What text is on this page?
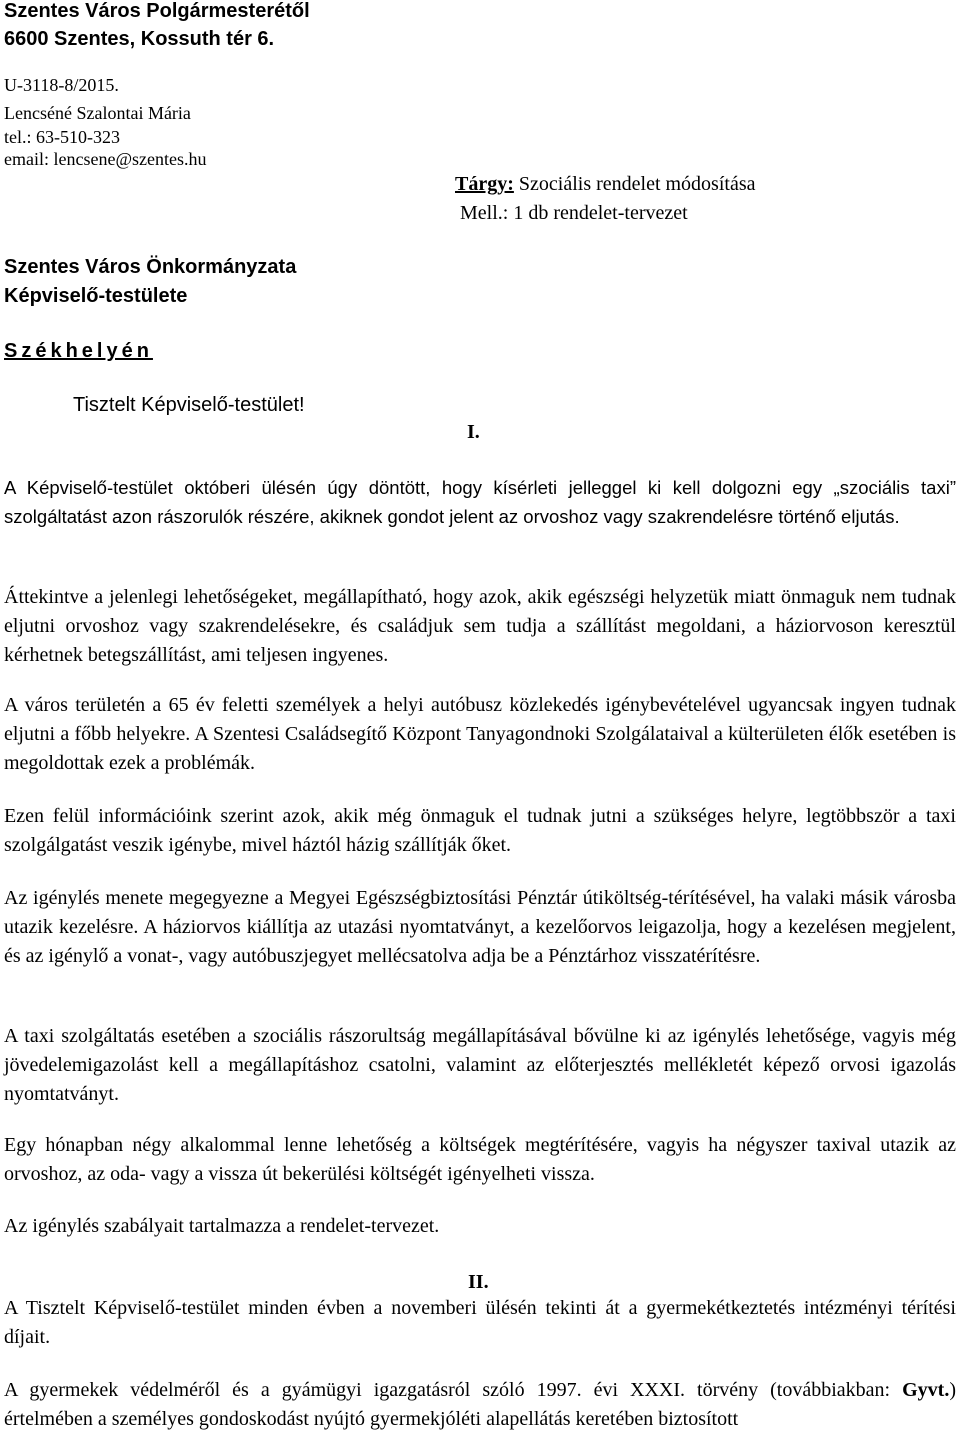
Szentes Város Polgármesterétől
6600 Szentes, Kossuth tér 6.
U-3118-8/2015.
Lencséné Szalontai Mária
tel.: 63-510-323
email: lencsene@szentes.hu
Tárgy: Szociális rendelet módosítása
Mell.: 1 db rendelet-tervezet
Szentes Város Önkormányzata
Képviselő-testülete
Székhelyén
Tisztelt Képviselő-testület!
I.
A Képviselő-testület októberi ülésén úgy döntött, hogy kísérleti jelleggel ki kell dolgozni egy „szociális taxi” szolgáltatást azon rászorulók részére, akiknek gondot jelent az orvoshoz vagy szakrendelésre történő eljutás.
Áttekintve a jelenlegi lehetőségeket, megállapítható, hogy azok, akik egészségi helyzetük miatt önmaguk nem tudnak eljutni orvoshoz vagy szakrendelésekre, és családjuk sem tudja a szállítást megoldani, a háziorvoson keresztül kérhetnek betegszállítást, ami teljesen ingyenes.
A város területén a 65 év feletti személyek a helyi autóbusz közlekedés igénybevételével ugyancsak ingyen tudnak eljutni a főbb helyekre. A Szentesi Családsegítő Központ Tanyagondnoki Szolgálataival a külterületen élők esetében is megoldottak ezek a problémák.
Ezen felül információink szerint azok, akik még önmaguk el tudnak jutni a szükséges helyre, legtöbbször a taxi szolgálgatást veszik igénybe, mivel háztól házig szállítják őket.
Az igénylés menete megegyezne a Megyei Egészségbiztosítási Pénztár útiköltség-térítésével, ha valaki másik városba utazik kezelésre. A háziorvos kiállítja az utazási nyomtatványt, a kezelőorvos leigazolja, hogy a kezelésen megjelent, és az igénylő a vonat-, vagy autóbuszjegyet mellécsatolva adja be a Pénztárhoz visszatérítésre.
A taxi szolgáltatás esetében a szociális rászorultság megállapításával bővülne ki az igénylés lehetősége, vagyis még jövedelemigazolást kell a megállapításhoz csatolni, valamint az előterjesztés mellékletét képező orvosi igazolás nyomtatványt.
Egy hónapban négy alkalommal lenne lehetőség a költségek megtérítésére, vagyis ha négyszer taxival utazik az orvoshoz, az oda- vagy a vissza út bekerülési költségét igényelheti vissza.
Az igénylés szabályait tartalmazza a rendelet-tervezet.
II.
A Tisztelt Képviselő-testület minden évben a novemberi ülésén tekinti át a gyermekétkeztetés intézményi térítési díjait.
A gyermekek védelméről és a gyámügyi igazgatásról szóló 1997. évi XXXI. törvény (továbbiakban: Gyvt.) értelmében a személyes gondoskodást nyújtó gyermekjóléti alapellátás keretében biztosított
